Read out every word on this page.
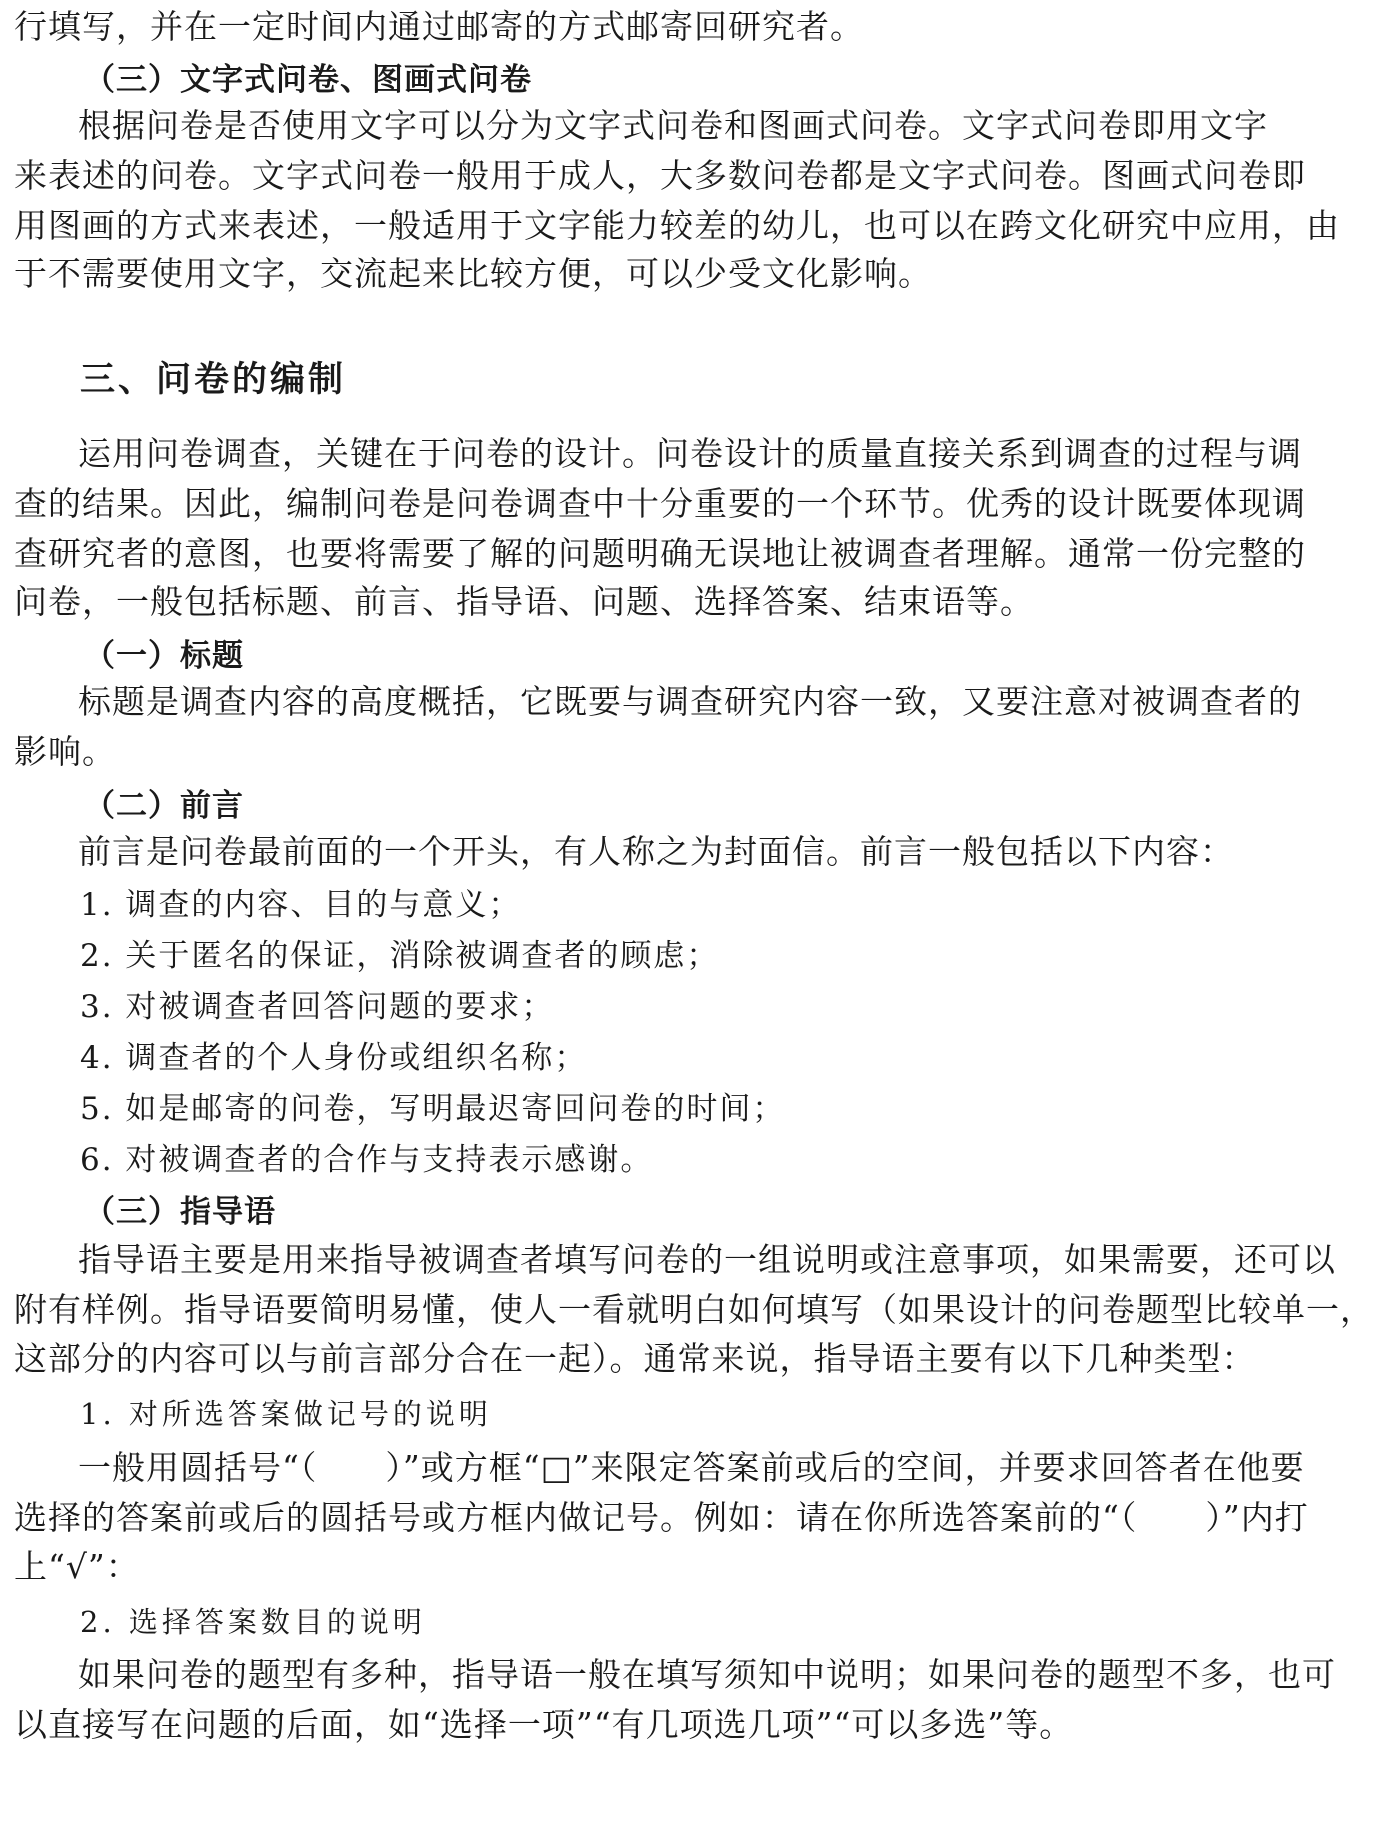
行填写，并在一定时间内通过邮寄的方式邮寄回研究者。
（三）文字式问卷、图画式问卷
根据问卷是否使用文字可以分为文字式问卷和图画式问卷。文字式问卷即用文字
来表述的问卷。文字式问卷一般用于成人，大多数问卷都是文字式问卷。图画式问卷即
用图画的方式来表述，一般适用于文字能力较差的幼儿，也可以在跨文化研究中应用，由
于不需要使用文字，交流起来比较方便，可以少受文化影响。
三、问卷的编制
运用问卷调查，关键在于问卷的设计。问卷设计的质量直接关系到调查的过程与调
查的结果。因此，编制问卷是问卷调查中十分重要的一个环节。优秀的设计既要体现调
查研究者的意图，也要将需要了解的问题明确无误地让被调查者理解。通常一份完整的
问卷，一般包括标题、前言、指导语、问题、选择答案、结束语等。
（一）标题
标题是调查内容的高度概括，它既要与调查研究内容一致，又要注意对被调查者的
影响。
（二）前言
前言是问卷最前面的一个开头，有人称之为封面信。前言一般包括以下内容：
1. 调查的内容、目的与意义；
2. 关于匿名的保证，消除被调查者的顾虑；
3. 对被调查者回答问题的要求；
4. 调查者的个人身份或组织名称；
5. 如是邮寄的问卷，写明最迟寄回问卷的时间；
6. 对被调查者的合作与支持表示感谢。
（三）指导语
指导语主要是用来指导被调查者填写问卷的一组说明或注意事项，如果需要，还可以
附有样例。指导语要简明易懂，使人一看就明白如何填写（如果设计的问卷题型比较单一，
这部分的内容可以与前言部分合在一起）。通常来说，指导语主要有以下几种类型：
1. 对所选答案做记号的说明
一般用圆括号“（　　）”或方框“□”来限定答案前或后的空间，并要求回答者在他要
选择的答案前或后的圆括号或方框内做记号。例如：请在你所选答案前的“（　　）”内打
上“√”：
2. 选择答案数目的说明
如果问卷的题型有多种，指导语一般在填写须知中说明；如果问卷的题型不多，也可
以直接写在问题的后面，如“选择一项”“有几项选几项”“可以多选”等。
